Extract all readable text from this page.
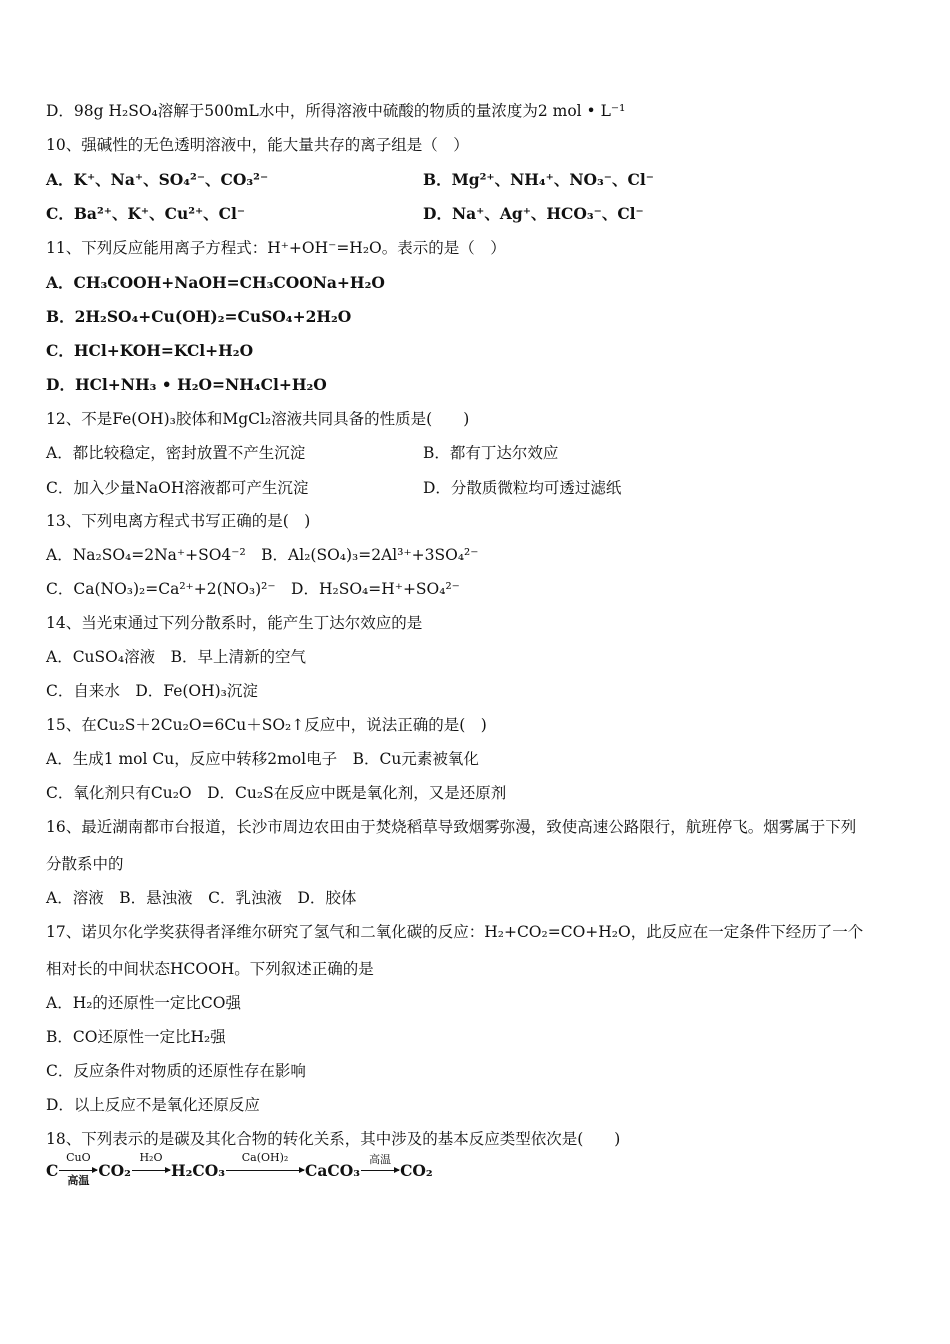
D．98g H₂SO₄溶解于500mL水中，所得溶液中硫酸的物质的量浓度为2 mol • L⁻¹
10、强碱性的无色透明溶液中，能大量共存的离子组是（　）
A．K⁺、Na⁺、SO₄²⁻、CO₃²⁻	B．Mg²⁺、NH₄⁺、NO₃⁻、Cl⁻
C．Ba²⁺、K⁺、Cu²⁺、Cl⁻	D．Na⁺、Ag⁺、HCO₃⁻、Cl⁻
11、下列反应能用离子方程式：H⁺+OH⁻=H₂O。表示的是（　）
A．CH₃COOH+NaOH=CH₃COONa+H₂O
B．2H₂SO₄+Cu(OH)₂=CuSO₄+2H₂O
C．HCl+KOH=KCl+H₂O
D．HCl+NH₃ • H₂O=NH₄Cl+H₂O
12、不是Fe(OH)₃胶体和MgCl₂溶液共同具备的性质是(　　)
A．都比较稳定，密封放置不产生沉淀	B．都有丁达尔效应
C．加入少量NaOH溶液都可产生沉淀	D．分散质微粒均可透过滤纸
13、下列电离方程式书写正确的是(　)
A．Na₂SO₄=2Na⁺+SO4⁻²　B．Al₂(SO₄)₃=2Al³⁺+3SO₄²⁻
C．Ca(NO₃)₂=Ca²⁺+2(NO₃)²⁻　D．H₂SO₄=H⁺+SO₄²⁻
14、当光束通过下列分散系时，能产生丁达尔效应的是
A．CuSO₄溶液　B．早上清新的空气
C．自来水　D．Fe(OH)₃沉淀
15、在Cu₂S＋2Cu₂O=6Cu＋SO₂↑反应中，说法正确的是(　)
A．生成1 mol Cu，反应中转移2mol电子　B．Cu元素被氧化
C．氧化剂只有Cu₂O　D．Cu₂S在反应中既是氧化剂，又是还原剂
16、最近湖南都市台报道，长沙市周边农田由于焚烧稻草导致烟雾弥漫，致使高速公路限行，航班停飞。烟雾属于下列
分散系中的
A．溶液　B．悬浊液　C．乳浊液　D．胶体
17、诺贝尔化学奖获得者泽维尔研究了氢气和二氧化碳的反应：H₂+CO₂=CO+H₂O，此反应在一定条件下经历了一个
相对长的中间状态HCOOH。下列叙述正确的是
A．H₂的还原性一定比CO强
B．CO还原性一定比H₂强
C．反应条件对物质的还原性存在影响
D．以上反应不是氧化还原反应
18、下列表示的是碳及其化合物的转化关系，其中涉及的基本反应类型依次是(　　)
C
CuO
高温
CO₂
H₂O
H₂CO₃
Ca(OH)₂
CaCO₃
高温
CO₂
